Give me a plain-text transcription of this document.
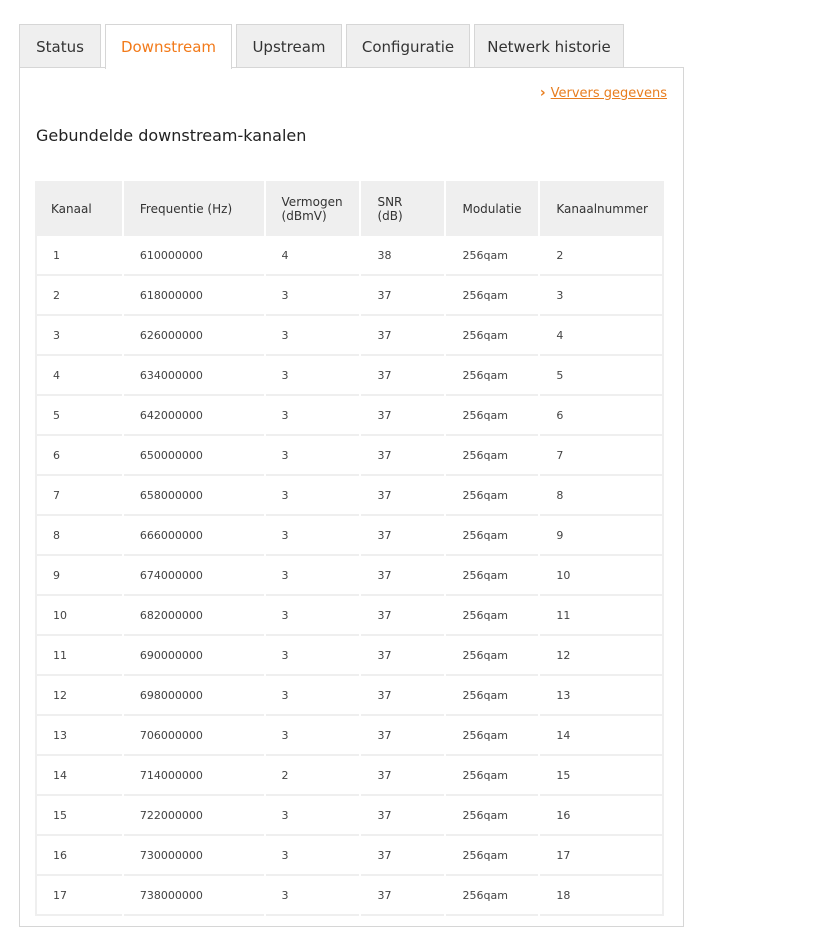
Status	Downstream	Upstream	Configuratie	Netwerk historie
› Ververs gegevens
Gebundelde downstream-kanalen
Kanaal	Frequentie (Hz)	Vermogen (dBmV)	SNR (dB)	Modulatie	Kanaalnummer
1	610000000	4	38	256qam	2
2	618000000	3	37	256qam	3
3	626000000	3	37	256qam	4
4	634000000	3	37	256qam	5
5	642000000	3	37	256qam	6
6	650000000	3	37	256qam	7
7	658000000	3	37	256qam	8
8	666000000	3	37	256qam	9
9	674000000	3	37	256qam	10
10	682000000	3	37	256qam	11
11	690000000	3	37	256qam	12
12	698000000	3	37	256qam	13
13	706000000	3	37	256qam	14
14	714000000	2	37	256qam	15
15	722000000	3	37	256qam	16
16	730000000	3	37	256qam	17
17	738000000	3	37	256qam	18
